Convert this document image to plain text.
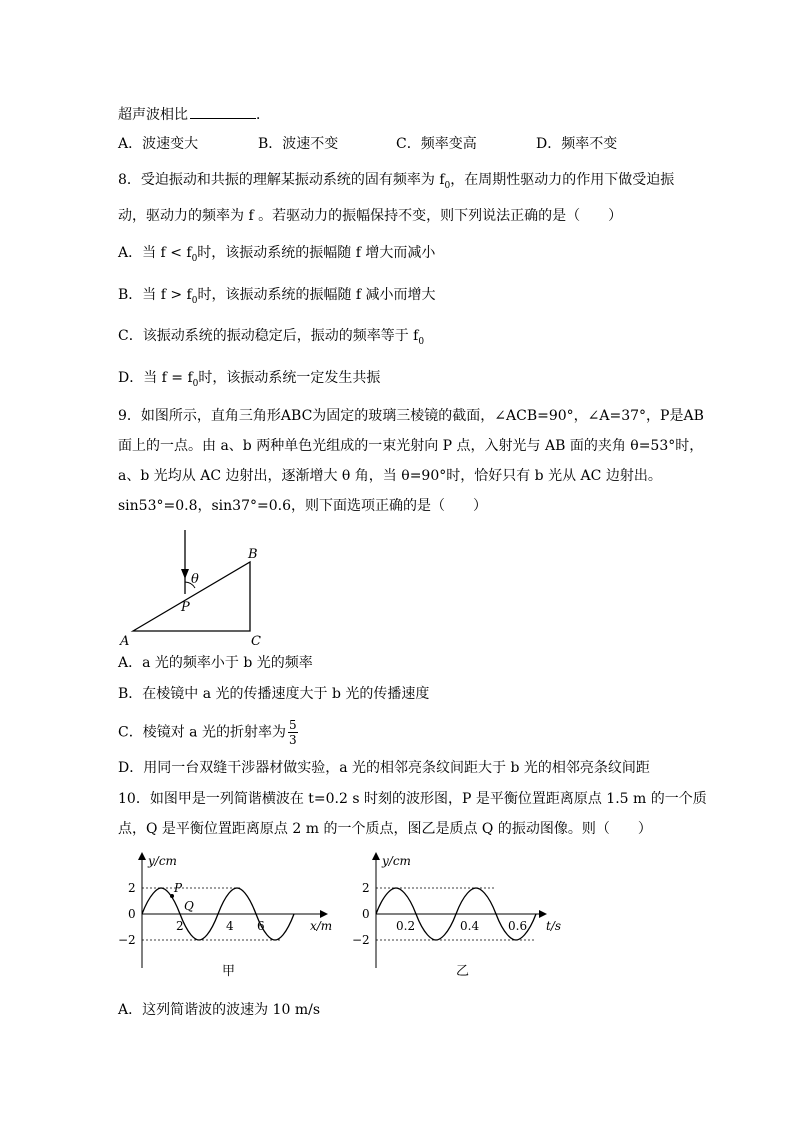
超声波相比	．
A．波速变大	B．波速不变	C．频率变高	D．频率不变
8．受迫振动和共振的理解某振动系统的固有频率为 $f_0$，在周期性驱动力的作用下做受迫振
动，驱动力的频率为 f 。若驱动力的振幅保持不变，则下列说法正确的是（　　）
A．当 $f < f_0$时，该振动系统的振幅随 f 增大而减小
B．当 $f > f_0$时，该振动系统的振幅随 f 减小而增大
C．该振动系统的振动稳定后，振动的频率等于 $f_0$
D．当 $f = f_0$时，该振动系统一定发生共振
9．如图所示，直角三角形ABC为固定的玻璃三棱镜的截面，∠ACB=90°，∠A=37°，P是AB
面上的一点。由 a、b 两种单色光组成的一束光射向 P 点，入射光与 AB 面的夹角 θ=53°时，
a、b 光均从 AC 边射出，逐渐增大 θ 角，当 θ=90°时，恰好只有 b 光从 AC 边射出。
sin53°=0.8，sin37°=0.6，则下面选项正确的是（　　）
θ
P
A
B
C
A．a 光的频率小于 b 光的频率
B．在棱镜中 a 光的传播速度大于 b 光的传播速度
C．棱镜对 a 光的折射率为 $\frac{5}{3}$
D．用同一台双缝干涉器材做实验，a 光的相邻亮条纹间距大于 b 光的相邻亮条纹间距
10．如图甲是一列简谐横波在 t=0.2 s 时刻的波形图，P 是平衡位置距离原点 1.5 m 的一个质
点，Q 是平衡位置距离原点 2 m 的一个质点，图乙是质点 Q 的振动图像。则（　　）
y/cm
x/m
2
0
−2
2	4 6
P
Q
甲
y/cm
t/s
2
0
−2
0.2	0.4 0.6
乙
A．这列简谐波的波速为 10 m/s
